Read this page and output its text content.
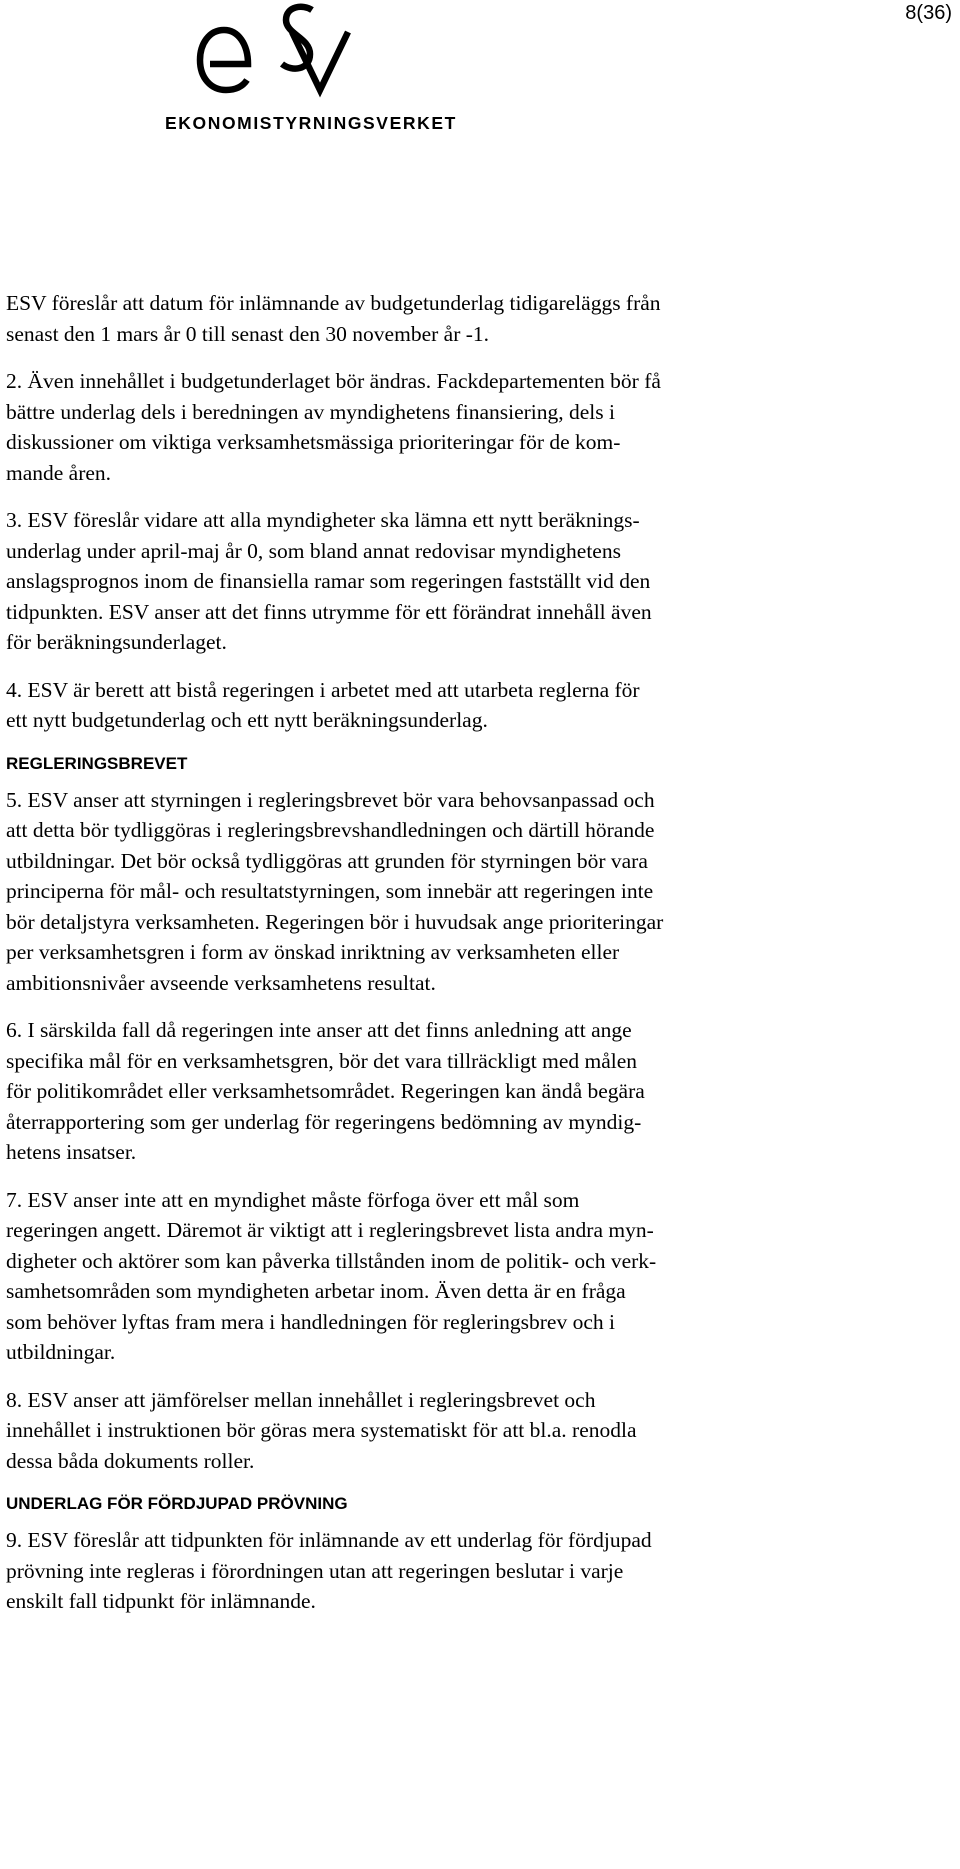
8(36)
EKONOMISTYRNINGSVERKET
ESV föreslår att datum för inlämnande av budgetunderlag tidigareläggs från
senast den 1 mars år 0 till senast den 30 november år -1.
2. Även innehållet i budgetunderlaget bör ändras. Fackdepartementen bör få
bättre underlag dels i beredningen av myndighetens finansiering, dels i
diskussioner om viktiga verksamhetsmässiga prioriteringar för de kom-
mande åren.
3. ESV föreslår vidare att alla myndigheter ska lämna ett nytt beräknings-
underlag under april-maj år 0, som bland annat redovisar myndighetens
anslagsprognos inom de finansiella ramar som regeringen fastställt vid den
tidpunkten. ESV anser att det finns utrymme för ett förändrat innehåll även
för beräkningsunderlaget.
4. ESV är berett att bistå regeringen i arbetet med att utarbeta reglerna för
ett nytt budgetunderlag och ett nytt beräkningsunderlag.
REGLERINGSBREVET
5. ESV anser att styrningen i regleringsbrevet bör vara behovsanpassad och
att detta bör tydliggöras i regleringsbrevshandledningen och därtill hörande
utbildningar. Det bör också tydliggöras att grunden för styrningen bör vara
principerna för mål- och resultatstyrningen, som innebär att regeringen inte
bör detaljstyra verksamheten. Regeringen bör i huvudsak ange prioriteringar
per verksamhetsgren i form av önskad inriktning av verksamheten eller
ambitionsnivåer avseende verksamhetens resultat.
6. I särskilda fall då regeringen inte anser att det finns anledning att ange
specifika mål för en verksamhetsgren, bör det vara tillräckligt med målen
för politikområdet eller verksamhetsområdet. Regeringen kan ändå begära
återrapportering som ger underlag för regeringens bedömning av myndig-
hetens insatser.
7. ESV anser inte att en myndighet måste förfoga över ett mål som
regeringen angett. Däremot är viktigt att i regleringsbrevet lista andra myn-
digheter och aktörer som kan påverka tillstånden inom de politik- och verk-
samhetsområden som myndigheten arbetar inom. Även detta är en fråga
som behöver lyftas fram mera i handledningen för regleringsbrev och i
utbildningar.
8. ESV anser att jämförelser mellan innehållet i regleringsbrevet och
innehållet i instruktionen bör göras mera systematiskt för att bl.a. renodla
dessa båda dokuments roller.
UNDERLAG FÖR FÖRDJUPAD PRÖVNING
9. ESV föreslår att tidpunkten för inlämnande av ett underlag för fördjupad
prövning inte regleras i förordningen utan att regeringen beslutar i varje
enskilt fall tidpunkt för inlämnande.
